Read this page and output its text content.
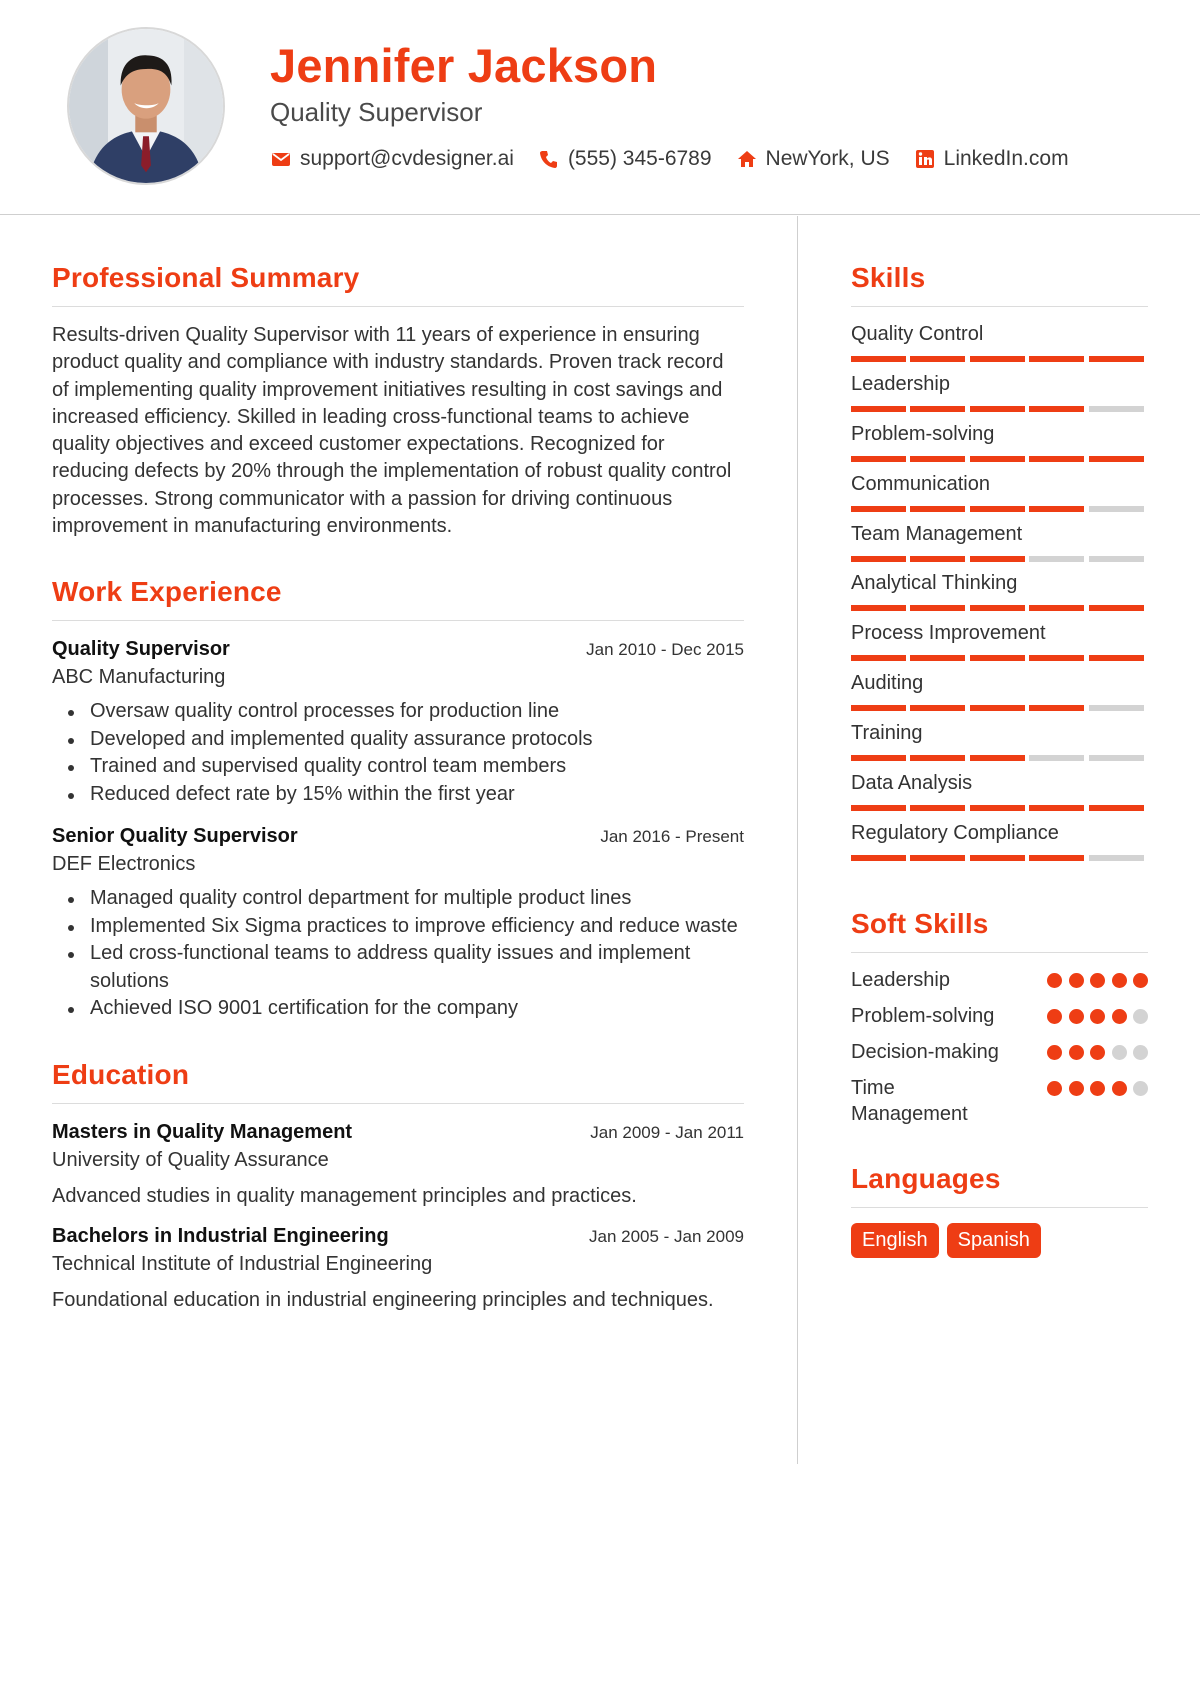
Jennifer Jackson
Quality Supervisor
support@cvdesigner.ai	(555) 345-6789	NewYork, US	LinkedIn.com
Professional Summary
Results-driven Quality Supervisor with 11 years of experience in ensuring product quality and compliance with industry standards. Proven track record of implementing quality improvement initiatives resulting in cost savings and increased efficiency. Skilled in leading cross-functional teams to achieve quality objectives and exceed customer expectations. Recognized for reducing defects by 20% through the implementation of robust quality control processes. Strong communicator with a passion for driving continuous improvement in manufacturing environments.
Work Experience
Quality Supervisor	Jan 2010 - Dec 2015
ABC Manufacturing
Oversaw quality control processes for production line
Developed and implemented quality assurance protocols
Trained and supervised quality control team members
Reduced defect rate by 15% within the first year
Senior Quality Supervisor	Jan 2016 - Present
DEF Electronics
Managed quality control department for multiple product lines
Implemented Six Sigma practices to improve efficiency and reduce waste
Led cross-functional teams to address quality issues and implement solutions
Achieved ISO 9001 certification for the company
Education
Masters in Quality Management	Jan 2009 - Jan 2011
University of Quality Assurance
Advanced studies in quality management principles and practices.
Bachelors in Industrial Engineering	Jan 2005 - Jan 2009
Technical Institute of Industrial Engineering
Foundational education in industrial engineering principles and techniques.
Skills
Quality Control
Leadership
Problem-solving
Communication
Team Management
Analytical Thinking
Process Improvement
Auditing
Training
Data Analysis
Regulatory Compliance
Soft Skills
Leadership
Problem-solving
Decision-making
Time Management
Languages
English	Spanish
